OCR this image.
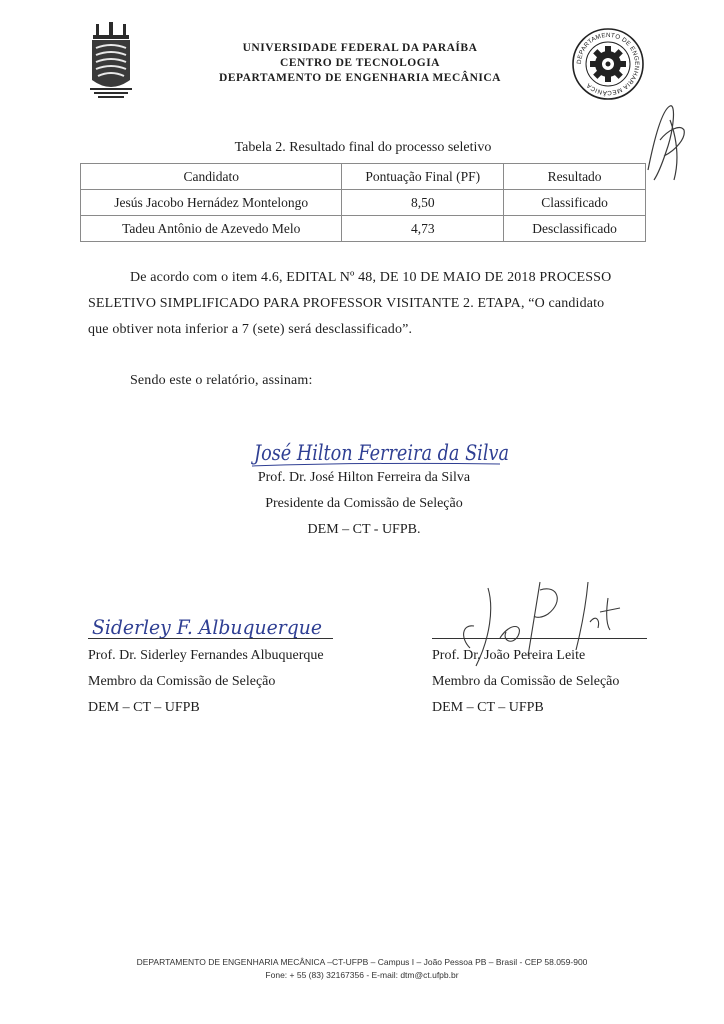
UNIVERSIDADE FEDERAL DA PARAÍBA
CENTRO DE TECNOLOGIA
DEPARTAMENTO DE ENGENHARIA MECÂNICA
DEPARTAMENTO DE ENGENHARIA MECÂNICA
Tabela 2. Resultado final do processo seletivo
Candidato	Pontuação Final (PF)	Resultado
Jesús Jacobo Hernádez Montelongo	8,50	Classificado
Tadeu Antônio de Azevedo Melo	4,73	Desclassificado
De acordo com o item 4.6, EDITAL Nº 48, DE 10 DE MAIO DE 2018 PROCESSO
SELETIVO SIMPLIFICADO PARA PROFESSOR VISITANTE 2. ETAPA, “O candidato
que obtiver nota inferior a 7 (sete) será desclassificado”.
Sendo este o relatório, assinam:
José Hilton Ferreira da Silva
Prof. Dr. José Hilton Ferreira da Silva
Presidente da Comissão de Seleção
DEM – CT - UFPB.
Siderley F. Albuquerque
Prof. Dr. Siderley Fernandes Albuquerque
Membro da Comissão de Seleção
DEM – CT – UFPB
Prof. Dr. João Pereira Leite
Membro da Comissão de Seleção
DEM – CT – UFPB
DEPARTAMENTO DE ENGENHARIA MECÂNICA –CT-UFPB – Campus I – João Pessoa PB – Brasil - CEP 58.059-900
Fone: + 55 (83) 32167356 - E-mail: dtm@ct.ufpb.br
